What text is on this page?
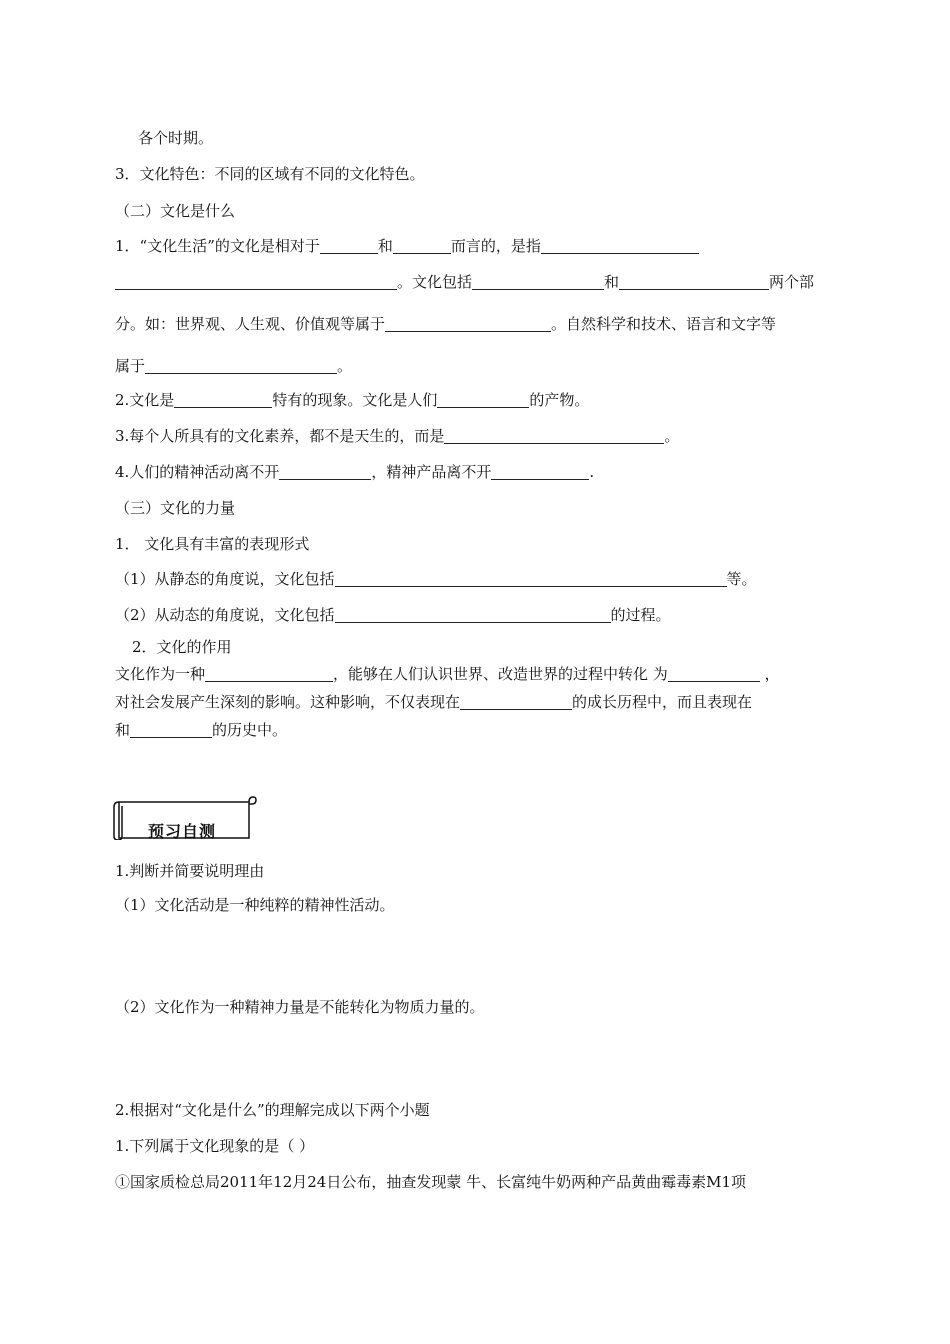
各个时期。
3．文化特色：不同的区域有不同的文化特色。
（二）文化是什么
1．“文化生活”的文化是相对于	和	而言的，是指
。文化包括	和	两个部
分。如：世界观、人生观、价值观等属于	。自然科学和技术、语言和文字等
属于	。
2.文化是	特有的现象。文化是人们	的产物。
3.每个人所具有的文化素养，都不是天生的，而是	。
4.人们的精神活动离不开	，精神产品离不开	.
（三）文化的力量
1． 文化具有丰富的表现形式
（1）从静态的角度说，文化包括	等。
（2）从动态的角度说，文化包括	的过程。
2．文化的作用
文化作为一种	，能够在人们认识世界、改造世界的过程中转化 为	，
对社会发展产生深刻的影响。这种影响，不仅表现在	的成长历程中，而且表现在
和	的历史中。
预习自测
1.判断并简要说明理由
（1）文化活动是一种纯粹的精神性活动。
（2）文化作为一种精神力量是不能转化为物质力量的。
2.根据对“文化是什么”的理解完成以下两个小题
1.下列属于文化现象的是（ ）
①国家质检总局2011年12月24日公布，抽查发现蒙 牛、长富纯牛奶两种产品黄曲霉毒素M1项
